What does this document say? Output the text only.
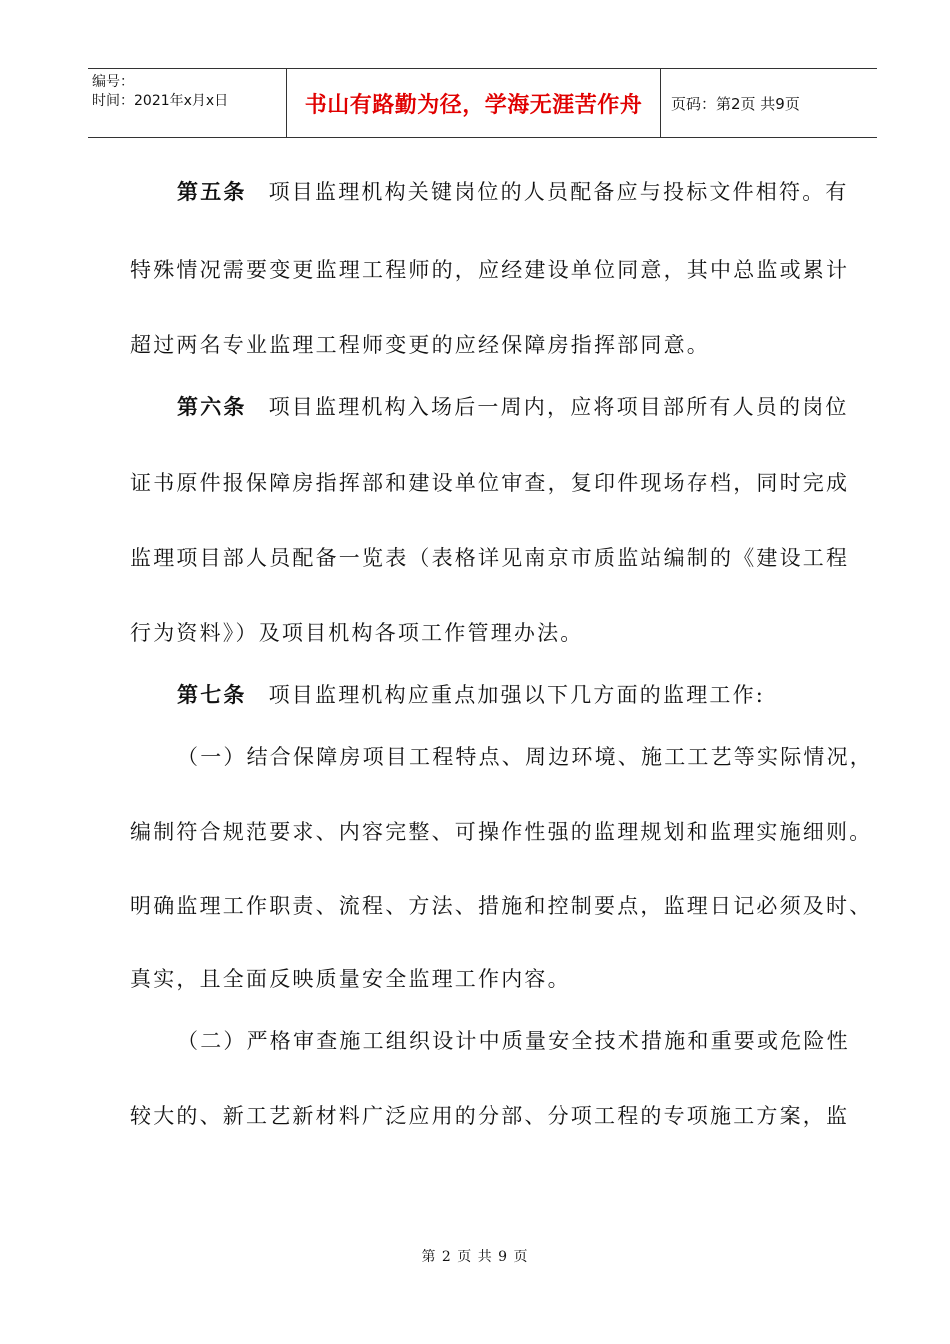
编号：
时间：2021年x月x日	书山有路勤为径，学海无涯苦作舟 页码：第2页 共9页
第五条 项目监理机构关键岗位的人员配备应与投标文件相符。有
特殊情况需要变更监理工程师的，应经建设单位同意，其中总监或累计
超过两名专业监理工程师变更的应经保障房指挥部同意。
第六条 项目监理机构入场后一周内，应将项目部所有人员的岗位
证书原件报保障房指挥部和建设单位审查，复印件现场存档，同时完成
监理项目部人员配备一览表（表格详见南京市质监站编制的《建设工程
行为资料》）及项目机构各项工作管理办法。
第七条 项目监理机构应重点加强以下几方面的监理工作:
（一）结合保障房项目工程特点、周边环境、施工工艺等实际情况，
编制符合规范要求、内容完整、可操作性强的监理规划和监理实施细则。
明确监理工作职责、流程、方法、措施和控制要点，监理日记必须及时、
真实，且全面反映质量安全监理工作内容。
（二）严格审查施工组织设计中质量安全技术措施和重要或危险性
较大的、新工艺新材料广泛应用的分部、分项工程的专项施工方案，监
第 2 页 共 9 页
